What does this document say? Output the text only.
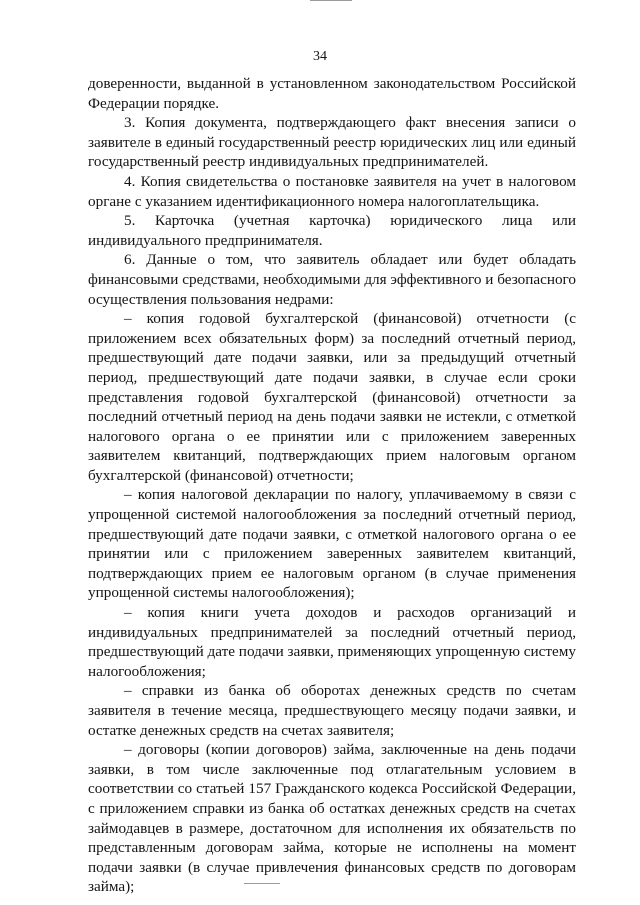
34

доверенности, выданной в установленном законодательством Российской Федерации порядке.

3. Копия документа, подтверждающего факт внесения записи о заявителе в единый государственный реестр юридических лиц или единый государственный реестр индивидуальных предпринимателей.

4. Копия свидетельства о постановке заявителя на учет в налоговом органе с указанием идентификационного номера налогоплательщика.

5. Карточка (учетная карточка) юридического лица или индивидуального предпринимателя.

6. Данные о том, что заявитель обладает или будет обладать финансовыми средствами, необходимыми для эффективного и безопасного осуществления пользования недрами:

– копия годовой бухгалтерской (финансовой) отчетности (с приложением всех обязательных форм) за последний отчетный период, предшествующий дате подачи заявки, или за предыдущий отчетный период, предшествующий дате подачи заявки, в случае если сроки представления годовой бухгалтерской (финансовой) отчетности за последний отчетный период на день подачи заявки не истекли, с отметкой налогового органа о ее принятии или с приложением заверенных заявителем квитанций, подтверждающих прием налоговым органом бухгалтерской (финансовой) отчетности;

– копия налоговой декларации по налогу, уплачиваемому в связи с упрощенной системой налогообложения за последний отчетный период, предшествующий дате подачи заявки, с отметкой налогового органа о ее принятии или с приложением заверенных заявителем квитанций, подтверждающих прием ее налоговым органом (в случае применения упрощенной системы налогообложения);

– копия книги учета доходов и расходов организаций и индивидуальных предпринимателей за последний отчетный период, предшествующий дате подачи заявки, применяющих упрощенную систему налогообложения;

– справки из банка об оборотах денежных средств по счетам заявителя в течение месяца, предшествующего месяцу подачи заявки, и остатке денежных средств на счетах заявителя;

– договоры (копии договоров) займа, заключенные на день подачи заявки, в том числе заключенные под отлагательным условием в соответствии со статьей 157 Гражданского кодекса Российской Федерации, с приложением справки из банка об остатках денежных средств на счетах займодавцев в размере, достаточном для исполнения их обязательств по представленным договорам займа, которые не исполнены на момент подачи заявки (в случае привлечения финансовых средств по договорам займа);
